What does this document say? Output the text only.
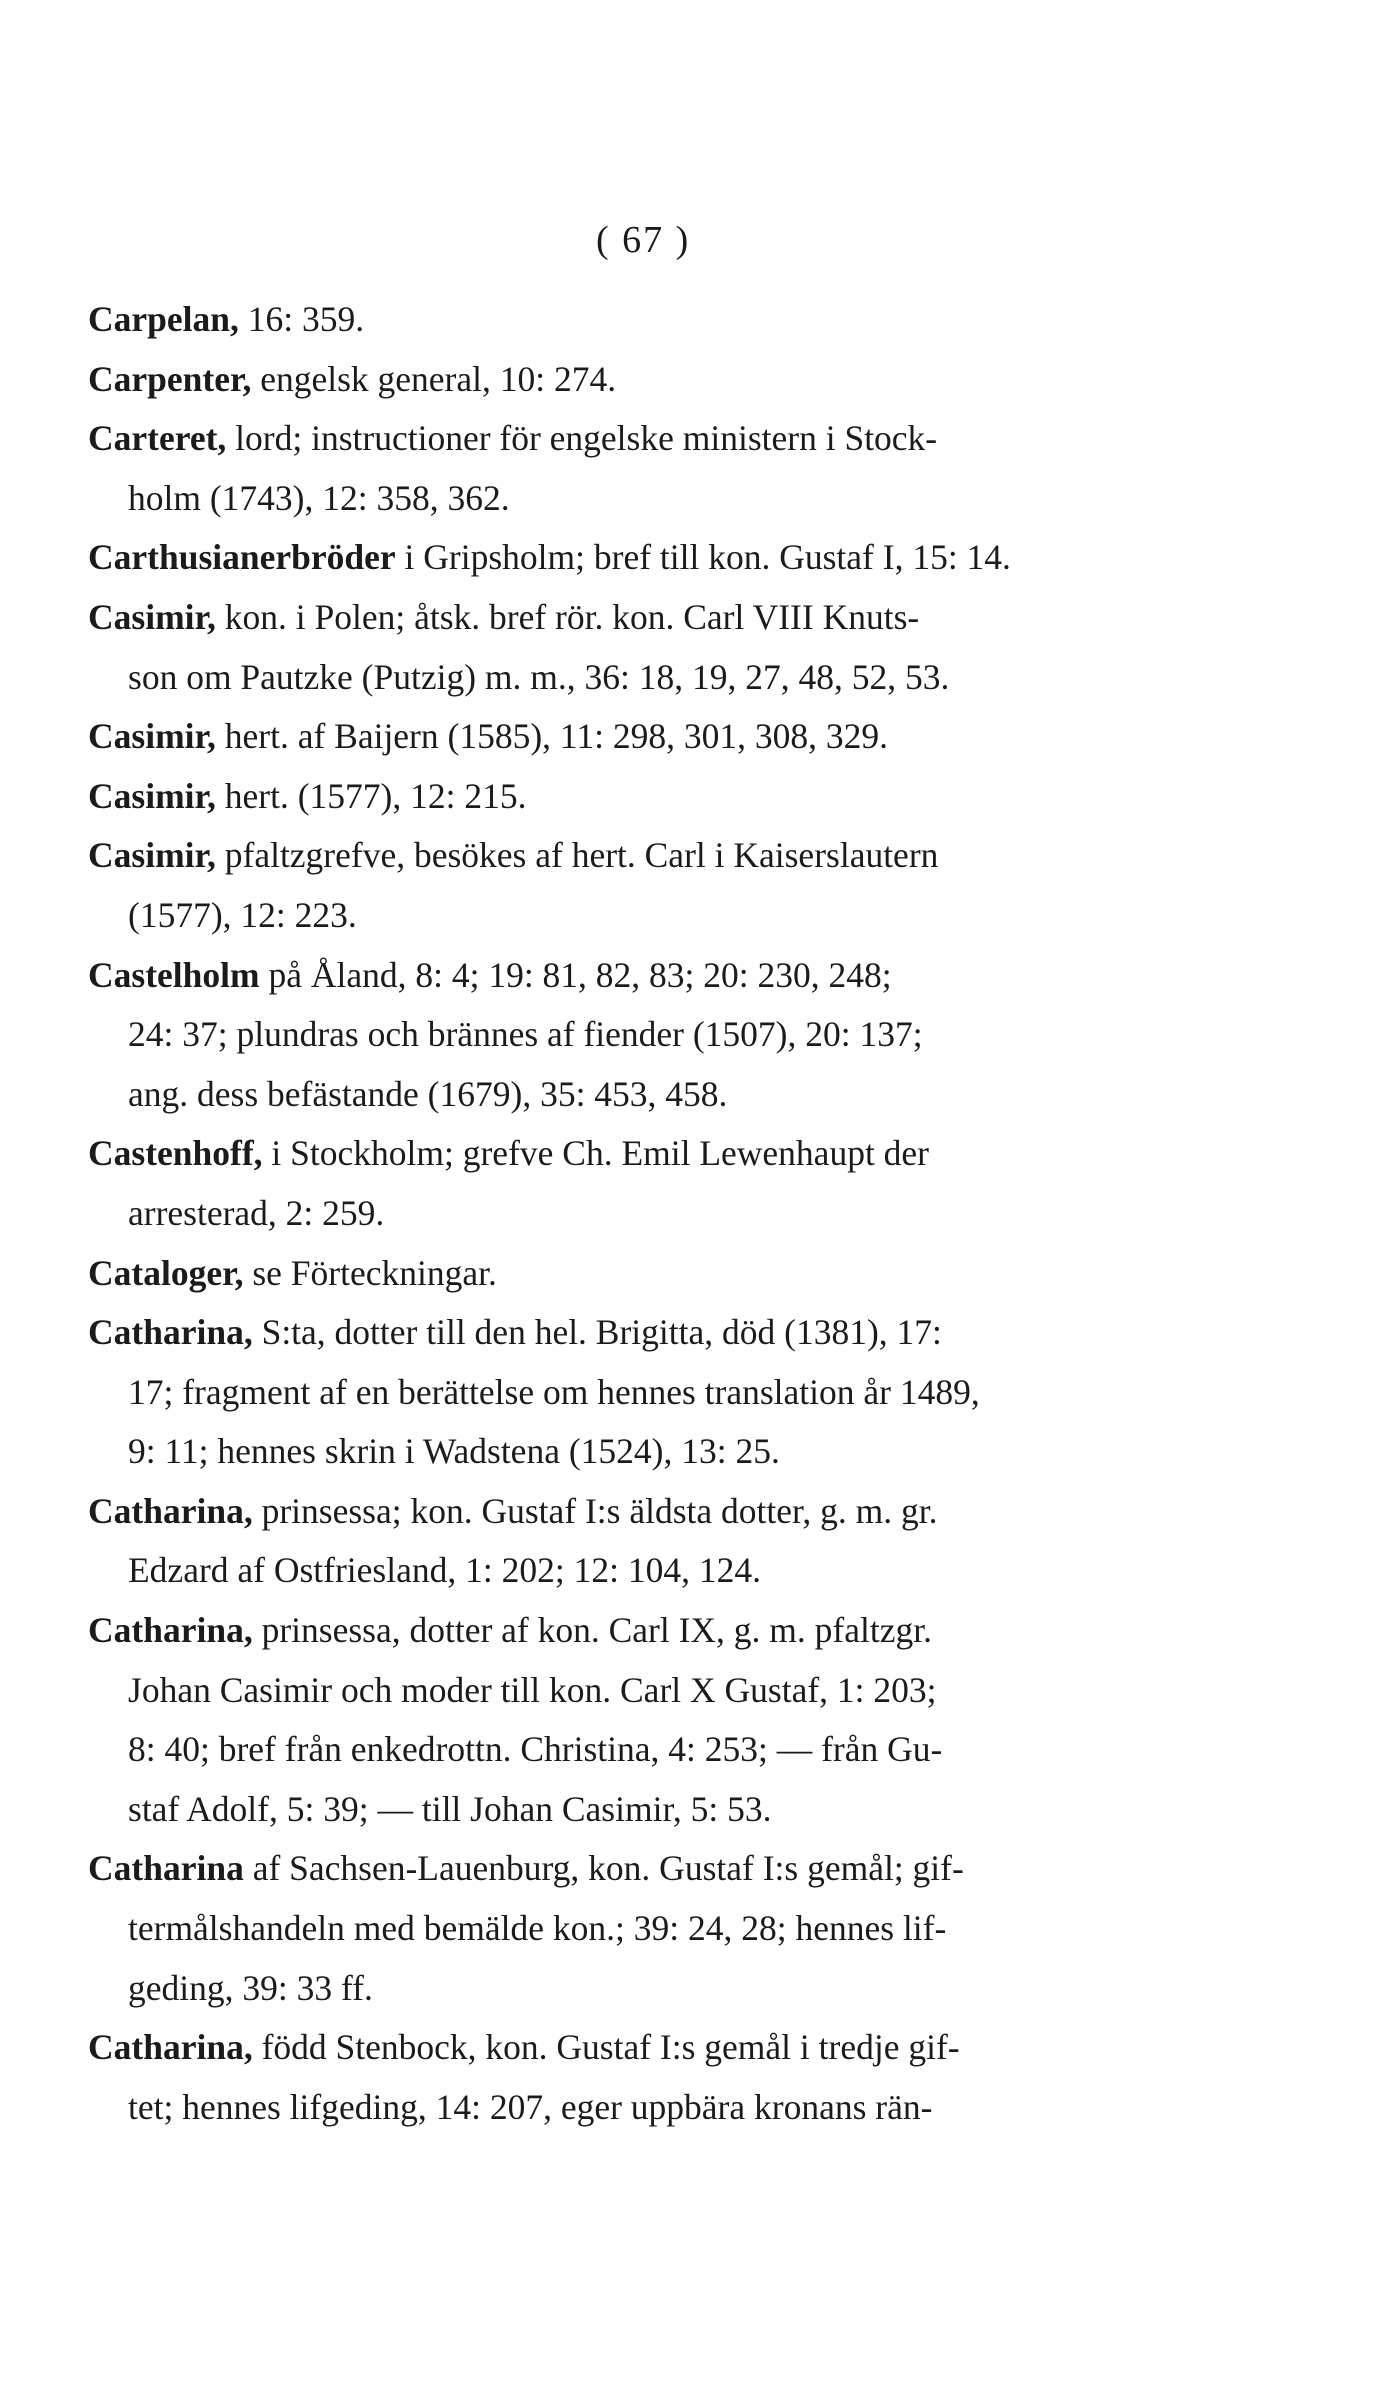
( 67 )

Carpelan, 16: 359.

Carpenter, engelsk general, 10: 274.

Carteret, lord; instructioner för engelske ministern i Stock-
holm (1743), 12: 358, 362.

Carthusianerbröder i Gripsholm; bref till kon. Gustaf I, 15: 14.

Casimir, kon. i Polen; åtsk. bref rör. kon. Carl VIII Knuts-
son om Pautzke (Putzig) m. m., 36: 18, 19, 27, 48, 52, 53.

Casimir, hert. af Baijern (1585), 11: 298, 301, 308, 329.

Casimir, hert. (1577), 12: 215.

Casimir, pfaltzgrefve, besökes af hert. Carl i Kaiserslautern
(1577), 12: 223.

Castelholm på Åland, 8: 4; 19: 81, 82, 83; 20: 230, 248;
24: 37; plundras och brännes af fiender (1507), 20: 137;
ang. dess befästande (1679), 35: 453, 458.

Castenhoff, i Stockholm; grefve Ch. Emil Lewenhaupt der
arresterad, 2: 259.

Cataloger, se Förteckningar.

Catharina, S:ta, dotter till den hel. Brigitta, död (1381), 17:
17; fragment af en berättelse om hennes translation år 1489,
9: 11; hennes skrin i Wadstena (1524), 13: 25.

Catharina, prinsessa; kon. Gustaf I:s äldsta dotter, g. m. gr.
Edzard af Ostfriesland, 1: 202; 12: 104, 124.

Catharina, prinsessa, dotter af kon. Carl IX, g. m. pfaltzgr.
Johan Casimir och moder till kon. Carl X Gustaf, 1: 203;
8: 40; bref från enkedrottn. Christina, 4: 253; — från Gu-
staf Adolf, 5: 39; — till Johan Casimir, 5: 53.

Catharina af Sachsen-Lauenburg, kon. Gustaf I:s gemål; gif-
termålshandeln med bemälde kon.; 39: 24, 28; hennes lif-
geding, 39: 33 ff.

Catharina, född Stenbock, kon. Gustaf I:s gemål i tredje gif-
tet; hennes lifgeding, 14: 207, eger uppbära kronans rän-
